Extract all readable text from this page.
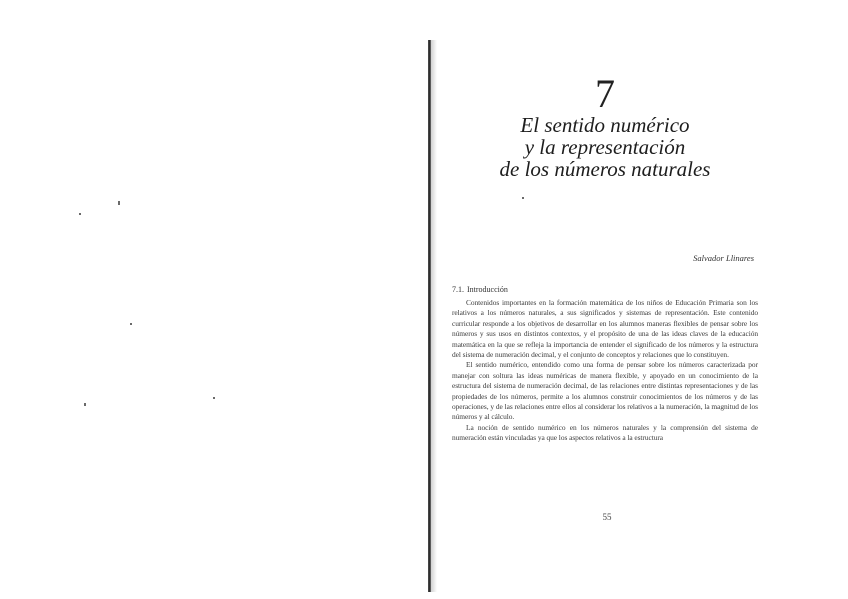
7
El sentido numérico
y la representación
de los números naturales
Salvador Llinares
7.1. Introducción

Contenidos importantes en la formación matemática de los niños de Educación Primaria son los relativos a los números naturales, a sus significados y sistemas de representación. Este contenido curricular responde a los objetivos de desarrollar en los alumnos maneras flexibles de pensar sobre los números y sus usos en distintos contextos, y el propósito de una de las ideas claves de la educación matemática en la que se refleja la importancia de entender el significado de los números y la estructura del sistema de numeración decimal, y el conjunto de conceptos y relaciones que lo constituyen.

El sentido numérico, entendido como una forma de pensar sobre los números caracterizada por manejar con soltura las ideas numéricas de manera flexible, y apoyado en un conocimiento de la estructura del sistema de numeración decimal, de las relaciones entre distintas representaciones y de las propiedades de los números, permite a los alumnos construir conocimientos de los números y de las operaciones, y de las relaciones entre ellos al considerar los relativos a la numeración, la magnitud de los números y al cálculo.

La noción de sentido numérico en los números naturales y la comprensión del sistema de numeración están vinculadas ya que los aspectos relativos a la estructura

55
